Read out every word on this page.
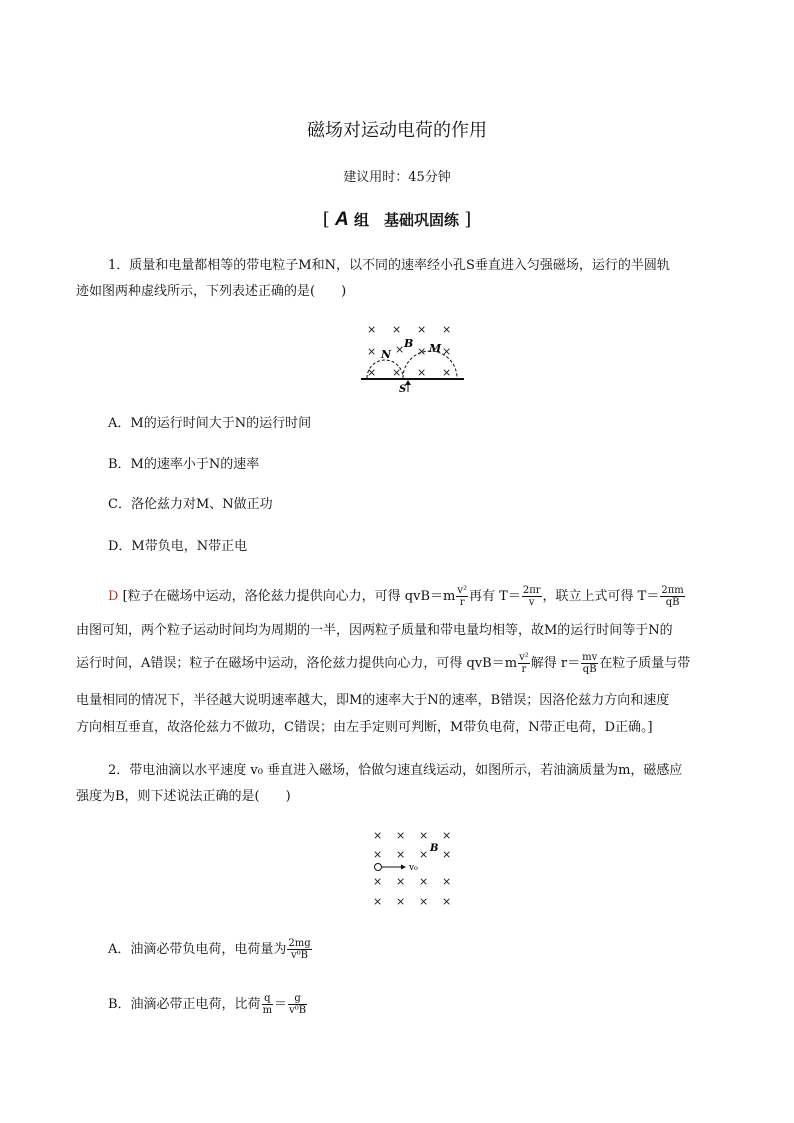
磁场对运动电荷的作用
建议用时：45分钟
[ A 组　基础巩固练 ]
1．质量和电量都相等的带电粒子M和N，以不同的速率经小孔S垂直进入匀强磁场，运行的半圆轨
迹如图两种虚线所示，下列表述正确的是(　　)
× × × ×
× × × ×
× × × ×
B
N	M
S
A．M的运行时间大于N的运行时间
B．M的速率小于N的速率
C．洛伦兹力对M、N做正功
D．M带负电，N带正电
D [粒子在磁场中运动，洛伦兹力提供向心力，可得 $qvB=m \frac{\text{v²}}{r}$ 再有 $T= \frac{2\pi r}{v}$ ，联立上式可得 $T= \frac{2\pi m}{qB}$
由图可知，两个粒子运动时间均为周期的一半，因两粒子质量和带电量均相等，故M的运行时间等于N的
运行时间，A错误；粒子在磁场中运动，洛伦兹力提供向心力，可得 $qvB=m \frac{\text{v²}}{r}$ 解得 $r= \frac{mv}{qB}$ 在粒子质量与带
电量相同的情况下，半径越大说明速率越大，即M的速率大于N的速率，B错误；因洛伦兹力方向和速度
方向相互垂直，故洛伦兹力不做功，C错误；由左手定则可判断，M带负电荷，N带正电荷，D正确。]
2．带电油滴以水平速度 v₀ 垂直进入磁场，恰做匀速直线运动，如图所示，若油滴质量为m，磁感应
强度为B，则下述说法正确的是(　　)
× × × ×
× × × ×
× × × ×
× × × ×
B
v₀
A．油滴必带负电荷，电荷量为 $\frac{2mg}{\text{v⁰B}}$
B．油滴必带正电荷，比荷 $\frac{q}{m} = \frac{g}{\text{v⁰B}}$
